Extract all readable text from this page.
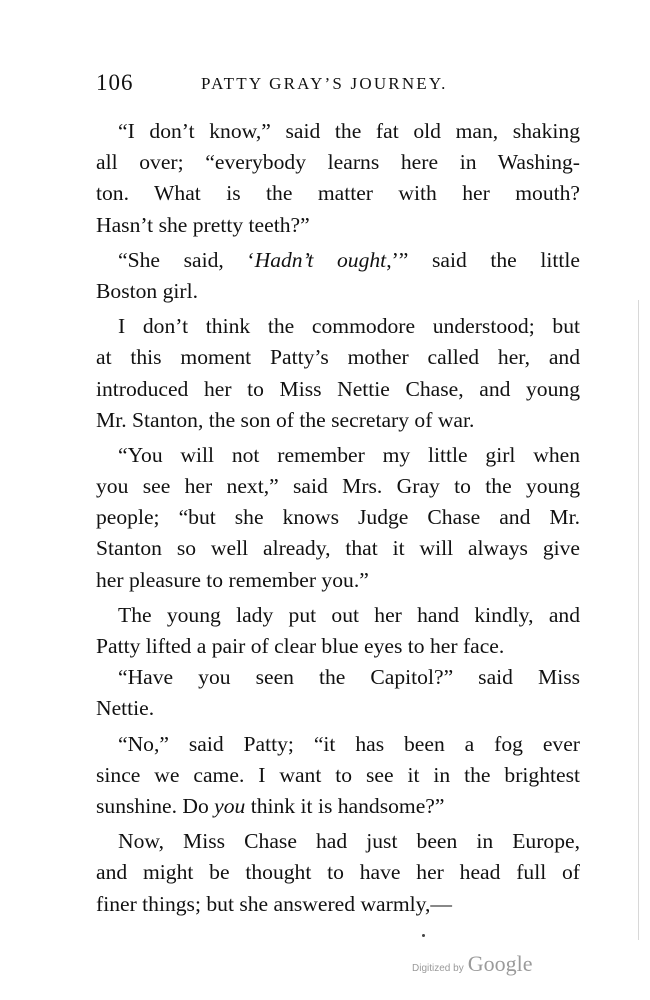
106	PATTY GRAY’S JOURNEY.
“I don’t know,” said the fat old man, shaking
all over; “everybody learns here in Washing-
ton. What is the matter with her mouth?
Hasn’t she pretty teeth?”
“She said, ‘Hadn’t ought,’” said the little
Boston girl.
I don’t think the commodore understood; but
at this moment Patty’s mother called her, and
introduced her to Miss Nettie Chase, and young
Mr. Stanton, the son of the secretary of war.
“You will not remember my little girl when
you see her next,” said Mrs. Gray to the young
people; “but she knows Judge Chase and Mr.
Stanton so well already, that it will always give
her pleasure to remember you.”
The young lady put out her hand kindly, and
Patty lifted a pair of clear blue eyes to her face.
“Have you seen the Capitol?” said Miss
Nettie.
“No,” said Patty; “it has been a fog ever
since we came. I want to see it in the brightest
sunshine. Do you think it is handsome?”
Now, Miss Chase had just been in Europe,
and might be thought to have her head full of
finer things; but she answered warmly,—
Digitized by Google
